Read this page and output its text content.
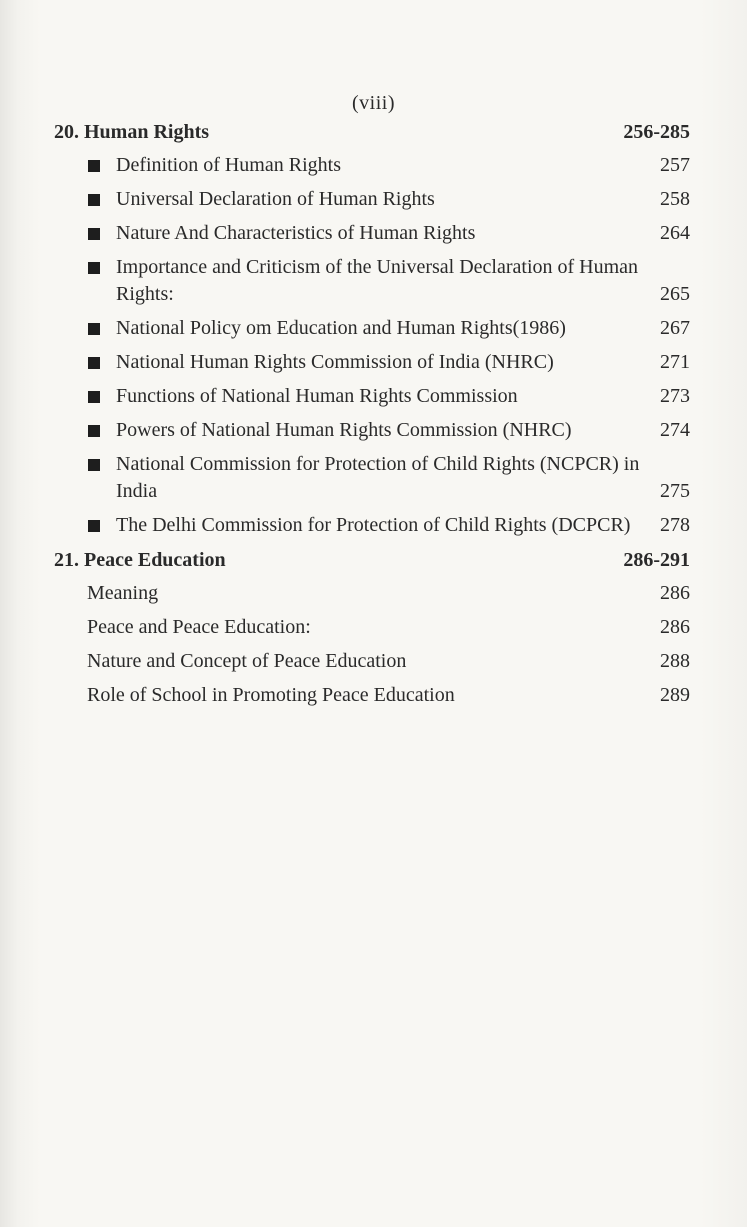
(viii)
20. Human Rights	256-285
Definition of Human Rights	257
Universal Declaration of Human Rights	258
Nature And Characteristics of Human Rights	264
Importance and Criticism of the Universal Declaration of Human Rights:	265
National Policy om Education and Human Rights(1986)	267
National Human Rights Commission of India (NHRC)	271
Functions of National Human Rights Commission	273
Powers of National Human Rights Commission (NHRC)	274
National Commission for Protection of Child Rights (NCPCR) in India	275
The Delhi Commission for Protection of Child Rights (DCPCR)	278
21. Peace Education	286-291
Meaning	286
Peace and Peace Education:	286
Nature and Concept of Peace Education	288
Role of School in Promoting Peace Education	289
